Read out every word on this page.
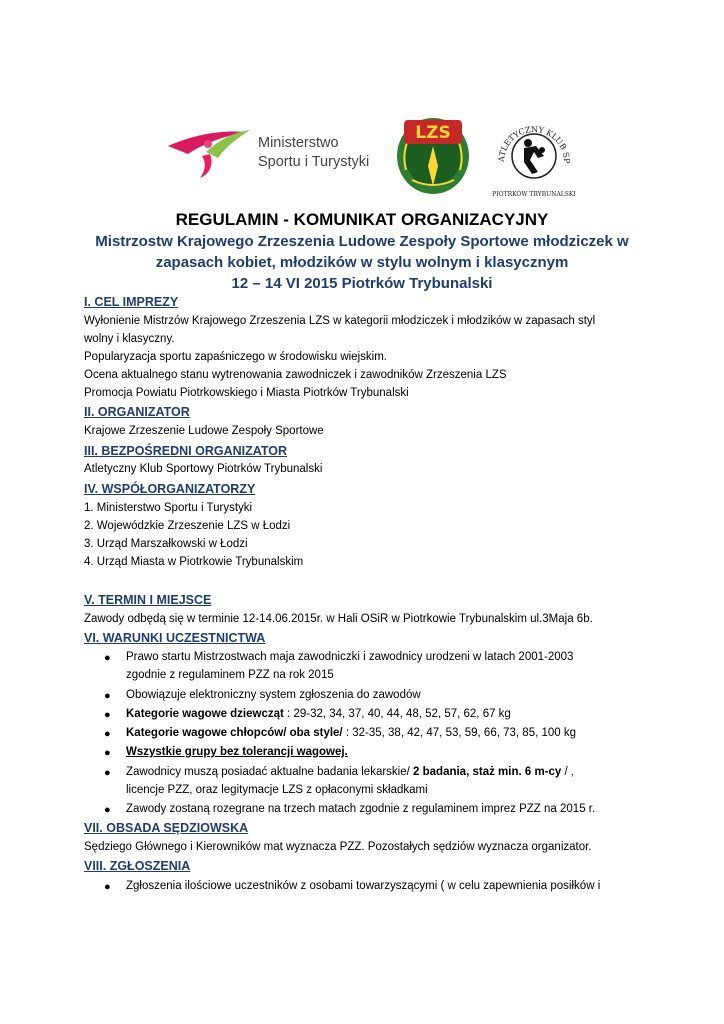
Ministerstwo
Sportu i Turystyki
LZS
ATLETYCZNY KLUB SP
PIOTRKÓW TRYBUNALSKI
REGULAMIN - KOMUNIKAT ORGANIZACYJNY
Mistrzostw Krajowego Zrzeszenia Ludowe Zespoły Sportowe młodziczek w
zapasach kobiet, młodzików w stylu wolnym i klasycznym
12 – 14 VI 2015 Piotrków Trybunalski
I. CEL IMPREZY
Wyłonienie Mistrzów Krajowego Zrzeszenia LZS w kategorii młodziczek i młodzików w zapasach styl
wolny i klasyczny.
Popularyzacja sportu zapaśniczego w środowisku wiejskim.
Ocena aktualnego stanu wytrenowania zawodniczek i zawodników Zrzeszenia LZS
Promocja Powiatu Piotrkowskiego i Miasta Piotrków Trybunalski
II. ORGANIZATOR
Krajowe Zrzeszenie Ludowe Zespoły Sportowe
III. BEZPOŚREDNI ORGANIZATOR
Atletyczny Klub Sportowy Piotrków Trybunalski
IV. WSPÓŁORGANIZATORZY
1. Ministerstwo Sportu i Turystyki
2. Wojewódzkie Zrzeszenie LZS w Łodzi
3. Urząd Marszałkowski w Łodzi
4. Urząd Miasta w Piotrkowie Trybunalskim
V. TERMIN I MIEJSCE
Zawody odbędą się w terminie 12-14.06.2015r. w Hali OSiR w Piotrkowie Trybunalskim ul.3Maja 6b.
VI. WARUNKI UCZESTNICTWA
● Prawo startu Mistrzostwach maja zawodniczki i zawodnicy urodzeni w latach 2001-2003
zgodnie z regulaminem PZZ na rok 2015
● Obowiązuje elektroniczny system zgłoszenia do zawodów
● Kategorie wagowe dziewcząt : 29-32, 34, 37, 40, 44, 48, 52, 57, 62, 67 kg
● Kategorie wagowe chłopców/ oba style/ : 32-35, 38, 42, 47, 53, 59, 66, 73, 85, 100 kg
● Wszystkie grupy bez tolerancji wagowej.
● Zawodnicy muszą posiadać aktualne badania lekarskie/ 2 badania, staż min. 6 m-cy / ,
licencje PZZ, oraz legitymacje LZS z opłaconymi składkami
● Zawody zostaną rozegrane na trzech matach zgodnie z regulaminem imprez PZZ na 2015 r.
VII. OBSADA SĘDZIOWSKA
Sędziego Głównego i Kierowników mat wyznacza PZZ. Pozostałych sędziów wyznacza organizator.
VIII. ZGŁOSZENIA
● Zgłoszenia ilościowe uczestników z osobami towarzyszącymi ( w celu zapewnienia posiłków i
